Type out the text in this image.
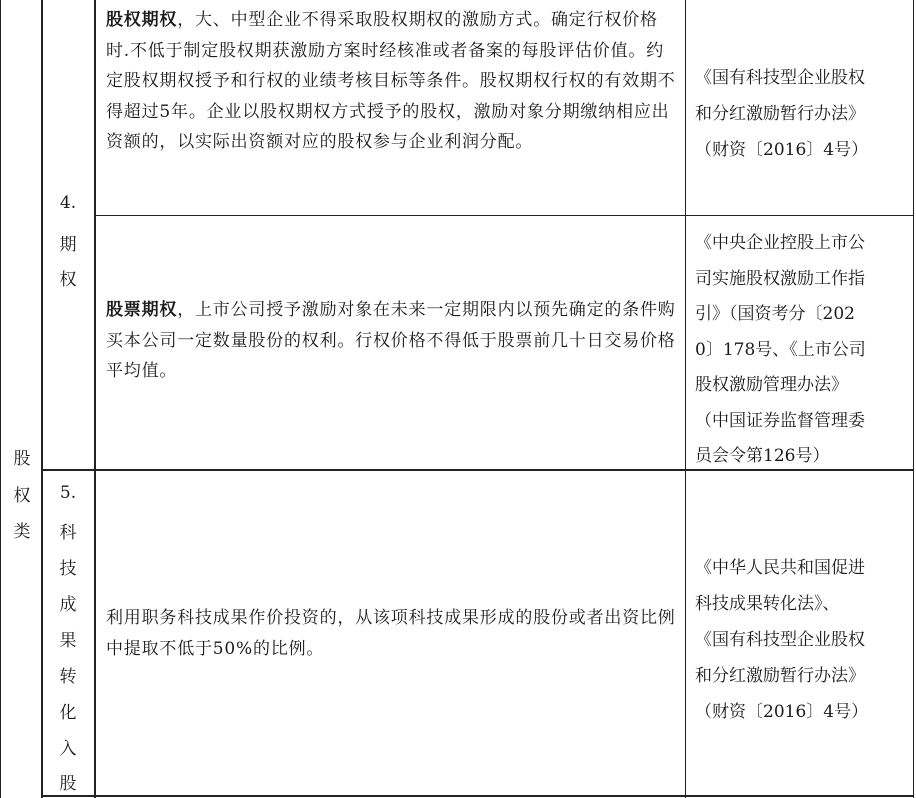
股
权
类
4.
期
权
5.
科
技
成
果
转
化
入
股
股权期权，大、中型企业不得采取股权期权的激励方式。确定行权价格时.不低于制定股权期获激励方案时经核准或者备案的每股评估价值。约定股权期权授予和行权的业绩考核目标等条件。股权期权行权的有效期不得超过5年。企业以股权期权方式授予的股权，激励对象分期缴纳相应出资额的，以实际出资额对应的股权参与企业利润分配。
股票期权，上市公司授予激励对象在未来一定期限内以预先确定的条件购买本公司一定数量股份的权利。行权价格不得低于股票前几十日交易价格平均值。
利用职务科技成果作价投资的，从该项科技成果形成的股份或者出资比例中提取不低于50%的比例。
《国有科技型企业股权
和分红激励暂行办法》
（财资〔2016〕4号）
《中央企业控股上市公
司实施股权激励工作指
引》（国资考分〔202
0〕178号、《上市公司
股权激励管理办法》
（中国证券监督管理委
员会令第126号）
《中华人民共和国促进
科技成果转化法》、
《国有科技型企业股权
和分红激励暂行办法》
（财资〔2016〕4号）
